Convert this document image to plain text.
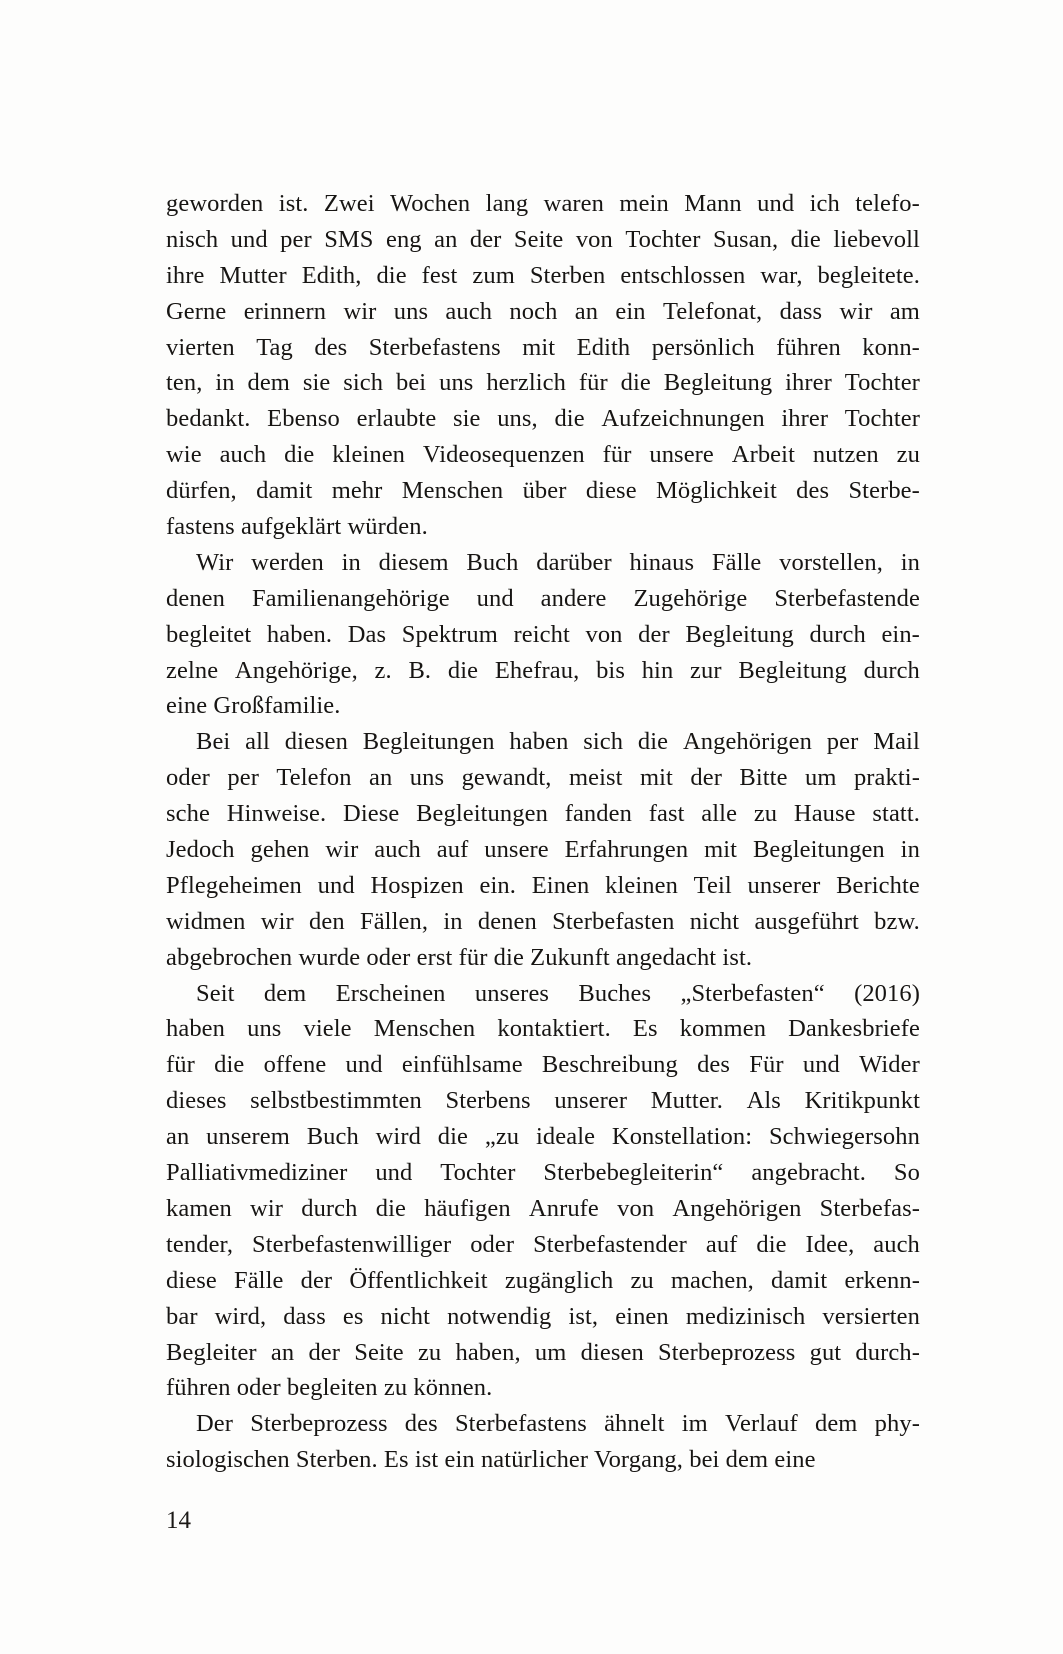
geworden ist. Zwei Wochen lang waren mein Mann und ich telefo-
nisch und per SMS eng an der Seite von Tochter Susan, die liebevoll
ihre Mutter Edith, die fest zum Sterben entschlossen war, begleitete.
Gerne erinnern wir uns auch noch an ein Telefonat, dass wir am
vierten Tag des Sterbefastens mit Edith persönlich führen konn-
ten, in dem sie sich bei uns herzlich für die Begleitung ihrer Tochter
bedankt. Ebenso erlaubte sie uns, die Aufzeichnungen ihrer Tochter
wie auch die kleinen Videosequenzen für unsere Arbeit nutzen zu
dürfen, damit mehr Menschen über diese Möglichkeit des Sterbe-
fastens aufgeklärt würden.
Wir werden in diesem Buch darüber hinaus Fälle vorstellen, in
denen Familienangehörige und andere Zugehörige Sterbefastende
begleitet haben. Das Spektrum reicht von der Begleitung durch ein-
zelne Angehörige, z. B. die Ehefrau, bis hin zur Begleitung durch
eine Großfamilie.
Bei all diesen Begleitungen haben sich die Angehörigen per Mail
oder per Telefon an uns gewandt, meist mit der Bitte um prakti-
sche Hinweise. Diese Begleitungen fanden fast alle zu Hause statt.
Jedoch gehen wir auch auf unsere Erfahrungen mit Begleitungen in
Pflegeheimen und Hospizen ein. Einen kleinen Teil unserer Berichte
widmen wir den Fällen, in denen Sterbefasten nicht ausgeführt bzw.
abgebrochen wurde oder erst für die Zukunft angedacht ist.
Seit dem Erscheinen unseres Buches „Sterbefasten“ (2016)
haben uns viele Menschen kontaktiert. Es kommen Dankesbriefe
für die offene und einfühlsame Beschreibung des Für und Wider
dieses selbstbestimmten Sterbens unserer Mutter. Als Kritikpunkt
an unserem Buch wird die „zu ideale Konstellation: Schwiegersohn
Palliativmediziner und Tochter Sterbebegleiterin“ angebracht. So
kamen wir durch die häufigen Anrufe von Angehörigen Sterbefas-
tender, Sterbefastenwilliger oder Sterbefastender auf die Idee, auch
diese Fälle der Öffentlichkeit zugänglich zu machen, damit erkenn-
bar wird, dass es nicht notwendig ist, einen medizinisch versierten
Begleiter an der Seite zu haben, um diesen Sterbeprozess gut durch-
führen oder begleiten zu können.
Der Sterbeprozess des Sterbefastens ähnelt im Verlauf dem phy-
siologischen Sterben. Es ist ein natürlicher Vorgang, bei dem eine
14
